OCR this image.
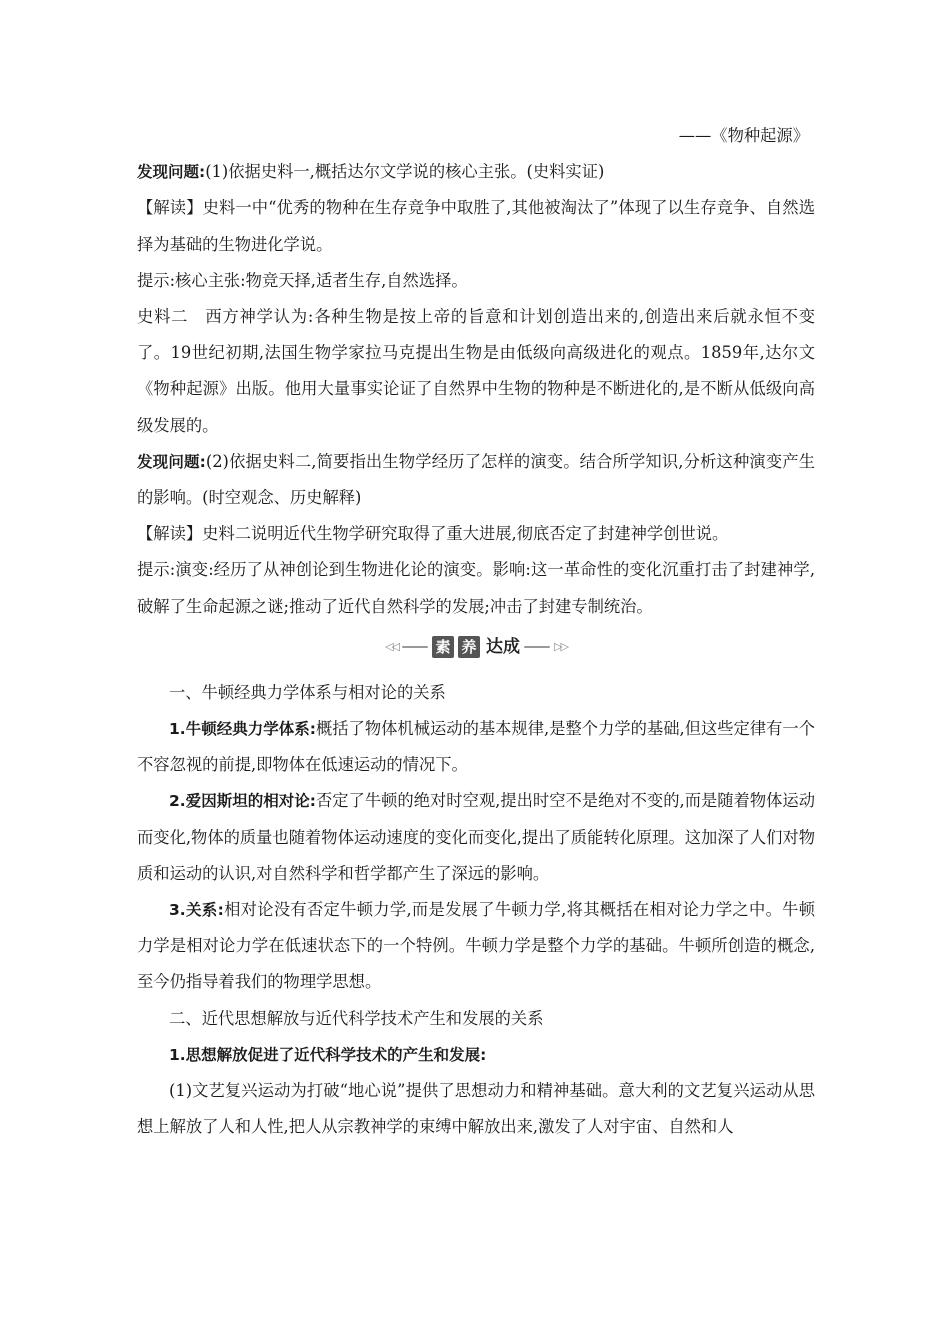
——《物种起源》

发现问题:(1)依据史料一,概括达尔文学说的核心主张。(史料实证)

【解读】史料一中“优秀的物种在生存竞争中取胜了,其他被淘汰了”体现了以生存竞争、自然选择为基础的生物进化学说。

提示:核心主张:物竞天择,适者生存,自然选择。

史料二　西方神学认为:各种生物是按上帝的旨意和计划创造出来的,创造出来后就永恒不变了。19世纪初期,法国生物学家拉马克提出生物是由低级向高级进化的观点。1859年,达尔文《物种起源》出版。他用大量事实论证了自然界中生物的物种是不断进化的,是不断从低级向高级发展的。

发现问题:(2)依据史料二,简要指出生物学经历了怎样的演变。结合所学知识,分析这种演变产生的影响。(时空观念、历史解释)

【解读】史料二说明近代生物学研究取得了重大进展,彻底否定了封建神学创世说。

提示:演变:经历了从神创论到生物进化论的演变。影响:这一革命性的变化沉重打击了封建神学,破解了生命起源之谜;推动了近代自然科学的发展;冲击了封建专制统治。

◁◁ 素 养 达成	▷▷

一、牛顿经典力学体系与相对论的关系

1.牛顿经典力学体系:概括了物体机械运动的基本规律,是整个力学的基础,但这些定律有一个不容忽视的前提,即物体在低速运动的情况下。

2.爱因斯坦的相对论:否定了牛顿的绝对时空观,提出时空不是绝对不变的,而是随着物体运动而变化,物体的质量也随着物体运动速度的变化而变化,提出了质能转化原理。这加深了人们对物质和运动的认识,对自然科学和哲学都产生了深远的影响。

3.关系:相对论没有否定牛顿力学,而是发展了牛顿力学,将其概括在相对论力学之中。牛顿力学是相对论力学在低速状态下的一个特例。牛顿力学是整个力学的基础。牛顿所创造的概念,至今仍指导着我们的物理学思想。

二、近代思想解放与近代科学技术产生和发展的关系

1.思想解放促进了近代科学技术的产生和发展:

(1)文艺复兴运动为打破“地心说”提供了思想动力和精神基础。意大利的文艺复兴运动从思想上解放了人和人性,把人从宗教神学的束缚中解放出来,激发了人对宇宙、自然和人
